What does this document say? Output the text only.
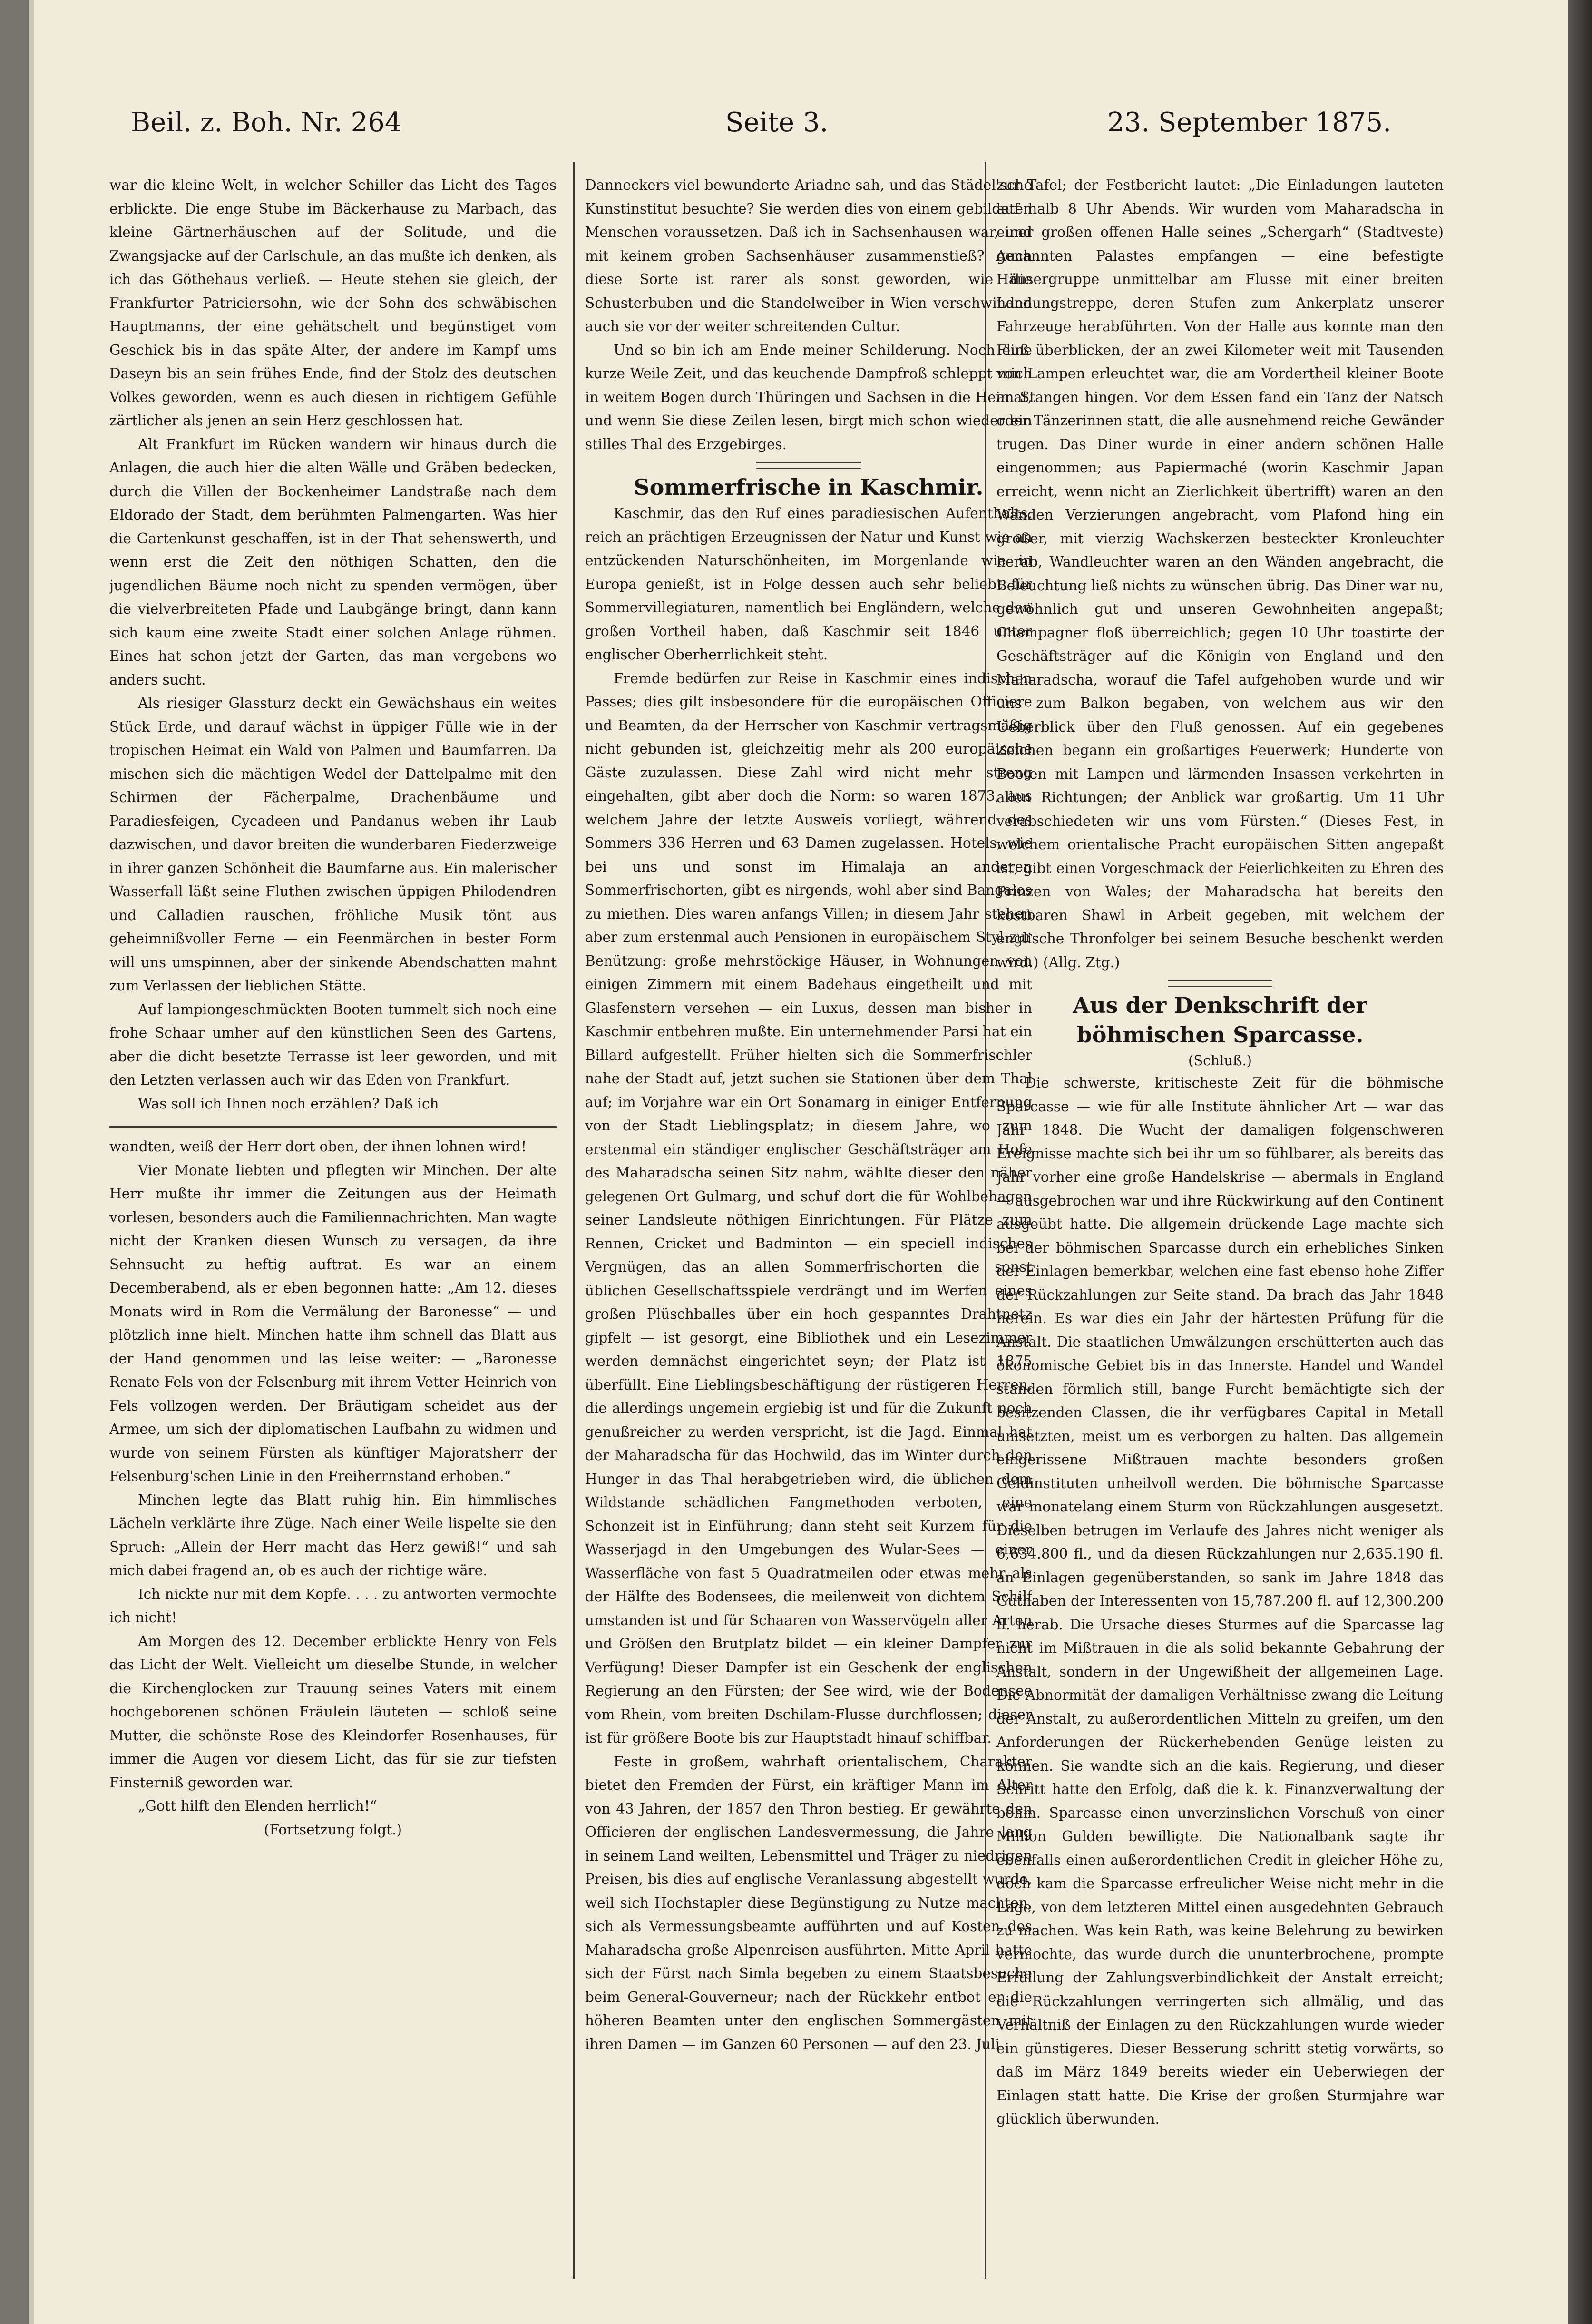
Beil. z. Boh. Nr. 264	Seite 3.	23. September 1875.

war die kleine Welt, in welcher Schiller das Licht des Tages erblickte. Die enge Stube im Bäckerhause zu Marbach, das kleine Gärtnerhäuschen auf der Solitude, und die Zwangsjacke auf der Carlschule, an das mußte ich denken, als ich das Göthehaus verließ. — Heute stehen sie gleich, der Frankfurter Patriciersohn, wie der Sohn des schwäbischen Hauptmanns, der eine gehätschelt und begünstiget vom Geschick bis in das späte Alter, der andere im Kampf ums Daseyn bis an sein frühes Ende, find der Stolz des deutschen Volkes geworden, wenn es auch diesen in richtigem Gefühle zärtlicher als jenen an sein Herz geschlossen hat.

Alt Frankfurt im Rücken wandern wir hinaus durch die Anlagen, die auch hier die alten Wälle und Gräben bedecken, durch die Villen der Bockenheimer Landstraße nach dem Eldorado der Stadt, dem berühmten Palmengarten. Was hier die Gartenkunst geschaffen, ist in der That sehenswerth, und wenn erst die Zeit den nöthigen Schatten, den die jugendlichen Bäume noch nicht zu spenden vermögen, über die vielverbreiteten Pfade und Laubgänge bringt, dann kann sich kaum eine zweite Stadt einer solchen Anlage rühmen. Eines hat schon jetzt der Garten, das man vergebens wo anders sucht.

Als riesiger Glassturz deckt ein Gewächshaus ein weites Stück Erde, und darauf wächst in üppiger Fülle wie in der tropischen Heimat ein Wald von Palmen und Baumfarren. Da mischen sich die mächtigen Wedel der Dattelpalme mit den Schirmen der Fächerpalme, Drachenbäume und Paradiesfeigen, Cycadeen und Pandanus weben ihr Laub dazwischen, und davor breiten die wunderbaren Fiederzweige in ihrer ganzen Schönheit die Baumfarne aus. Ein malerischer Wasserfall läßt seine Fluthen zwischen üppigen Philodendren und Calladien rauschen, fröhliche Musik tönt aus geheimnißvoller Ferne — ein Feenmärchen in bester Form will uns umspinnen, aber der sinkende Abendschatten mahnt zum Verlassen der lieblichen Stätte.

Auf lampiongeschmückten Booten tummelt sich noch eine frohe Schaar umher auf den künstlichen Seen des Gartens, aber die dicht besetzte Terrasse ist leer geworden, und mit den Letzten verlassen auch wir das Eden von Frankfurt.

Was soll ich Ihnen noch erzählen? Daß ich

wandten, weiß der Herr dort oben, der ihnen lohnen wird!

Vier Monate liebten und pflegten wir Minchen. Der alte Herr mußte ihr immer die Zeitungen aus der Heimath vorlesen, besonders auch die Familiennachrichten. Man wagte nicht der Kranken diesen Wunsch zu versagen, da ihre Sehnsucht zu heftig auftrat. Es war an einem Decemberabend, als er eben begonnen hatte: „Am 12. dieses Monats wird in Rom die Vermälung der Baronesse“ — und plötzlich inne hielt. Minchen hatte ihm schnell das Blatt aus der Hand genommen und las leise weiter: — „Baronesse Renate Fels von der Felsenburg mit ihrem Vetter Heinrich von Fels vollzogen werden. Der Bräutigam scheidet aus der Armee, um sich der diplomatischen Laufbahn zu widmen und wurde von seinem Fürsten als künftiger Majoratsherr der Felsenburg'schen Linie in den Freiherrnstand erhoben.“

Minchen legte das Blatt ruhig hin. Ein himmlisches Lächeln verklärte ihre Züge. Nach einer Weile lispelte sie den Spruch: „Allein der Herr macht das Herz gewiß!“ und sah mich dabei fragend an, ob es auch der richtige wäre.

Ich nickte nur mit dem Kopfe. . . . zu antworten vermochte ich nicht!

Am Morgen des 12. December erblickte Henry von Fels das Licht der Welt. Vielleicht um dieselbe Stunde, in welcher die Kirchenglocken zur Trauung seines Vaters mit einem hochgeborenen schönen Fräulein läuteten — schloß seine Mutter, die schönste Rose des Kleindorfer Rosenhauses, für immer die Augen vor diesem Licht, das für sie zur tiefsten Finsterniß geworden war.

„Gott hilft den Elenden herrlich!“

(Fortsetzung folgt.)

Danneckers viel bewunderte Ariadne sah, und das Städel'sche Kunstinstitut besuchte? Sie werden dies von einem gebildeten Menschen voraussetzen. Daß ich in Sachsenhausen war, und mit keinem groben Sachsenhäuser zusammenstieß? Auch diese Sorte ist rarer als sonst geworden, wie die Schusterbuben und die Standelweiber in Wien verschwinden auch sie vor der weiter schreitenden Cultur.

Und so bin ich am Ende meiner Schilderung. Noch eine kurze Weile Zeit, und das keuchende Dampfroß schleppt mich in weitem Bogen durch Thüringen und Sachsen in die Heimat, und wenn Sie diese Zeilen lesen, birgt mich schon wieder ein stilles Thal des Erzgebirges.

Sommerfrische in Kaschmir.

Kaschmir, das den Ruf eines paradiesischen Aufenthalts, reich an prächtigen Erzeugnissen der Natur und Kunst wie an entzückenden Naturschönheiten, im Morgenlande wie in Europa genießt, ist in Folge dessen auch sehr beliebt für Sommervillegiaturen, namentlich bei Engländern, welche den großen Vortheil haben, daß Kaschmir seit 1846 unter englischer Oberherrlichkeit steht.

Fremde bedürfen zur Reise in Kaschmir eines indischen Passes; dies gilt insbesondere für die europäischen Officiere und Beamten, da der Herrscher von Kaschmir vertragsmäßig nicht gebunden ist, gleichzeitig mehr als 200 europäische Gäste zuzulassen. Diese Zahl wird nicht mehr streng eingehalten, gibt aber doch die Norm: so waren 1873, aus welchem Jahre der letzte Ausweis vorliegt, während des Sommers 336 Herren und 63 Damen zugelassen. Hotels, wie bei uns und sonst im Himalaja an anderen Sommerfrischorten, gibt es nirgends, wohl aber sind Bangalos zu miethen. Dies waren anfangs Villen; in diesem Jahr stehen aber zum erstenmal auch Pensionen in europäischem Styl zur Benützung: große mehrstöckige Häuser, in Wohnungen von einigen Zimmern mit einem Badehaus eingetheilt und mit Glasfenstern versehen — ein Luxus, dessen man bisher in Kaschmir entbehren mußte. Ein unternehmender Parsi hat ein Billard aufgestellt. Früher hielten sich die Sommerfrischler nahe der Stadt auf, jetzt suchen sie Stationen über dem Thal auf; im Vorjahre war ein Ort Sonamarg in einiger Entfernung von der Stadt Lieblingsplatz; in diesem Jahre, wo zum erstenmal ein ständiger englischer Geschäftsträger am Hofe des Maharadscha seinen Sitz nahm, wählte dieser den näher gelegenen Ort Gulmarg, und schuf dort die für Wohlbehagen seiner Landsleute nöthigen Einrichtungen. Für Plätze zum Rennen, Cricket und Badminton — ein speciell indisches Vergnügen, das an allen Sommerfrischorten die sonst üblichen Gesellschaftsspiele verdrängt und im Werfen eines großen Plüschballes über ein hoch gespanntes Drahtnetz gipfelt — ist gesorgt, eine Bibliothek und ein Lesezimmer werden demnächst eingerichtet seyn; der Platz ist 1875 überfüllt. Eine Lieblingsbeschäftigung der rüstigeren Herren, die allerdings ungemein ergiebig ist und für die Zukunft noch genußreicher zu werden verspricht, ist die Jagd. Einmal hat der Maharadscha für das Hochwild, das im Winter durch den Hunger in das Thal herabgetrieben wird, die üblichen dem Wildstande schädlichen Fangmethoden verboten, eine Schonzeit ist in Einführung; dann steht seit Kurzem für die Wasserjagd in den Umgebungen des Wular-Sees — einer Wasserfläche von fast 5 Quadratmeilen oder etwas mehr als der Hälfte des Bodensees, die meilenweit von dichtem Schilf umstanden ist und für Schaaren von Wasservögeln aller Arten und Größen den Brutplatz bildet — ein kleiner Dampfer zur Verfügung! Dieser Dampfer ist ein Geschenk der englischen Regierung an den Fürsten; der See wird, wie der Bodensee vom Rhein, vom breiten Dschilam-Flusse durchflossen; dieser ist für größere Boote bis zur Hauptstadt hinauf schiffbar.

Feste in großem, wahrhaft orientalischem, Charakter bietet den Fremden der Fürst, ein kräftiger Mann im Alter von 43 Jahren, der 1857 den Thron bestieg. Er gewährte den Officieren der englischen Landesvermessung, die Jahre lang in seinem Land weilten, Lebensmittel und Träger zu niedrigen Preisen, bis dies auf englische Veranlassung abgestellt wurde, weil sich Hochstapler diese Begünstigung zu Nutze machten, sich als Vermessungsbeamte aufführten und auf Kosten des Maharadscha große Alpenreisen ausführten. Mitte April hatte sich der Fürst nach Simla begeben zu einem Staatsbesuche beim General-Gouverneur; nach der Rückkehr entbot er die höheren Beamten unter den englischen Sommergästen mit ihren Damen — im Ganzen 60 Personen — auf den 23. Juli

zur Tafel; der Festbericht lautet: „Die Einladungen lauteten auf halb 8 Uhr Abends. Wir wurden vom Maharadscha in einer großen offenen Halle seines „Schergarh“ (Stadtveste) genannten Palastes empfangen — eine befestigte Häusergruppe unmittelbar am Flusse mit einer breiten Landungstreppe, deren Stufen zum Ankerplatz unserer Fahrzeuge herabführten. Von der Halle aus konnte man den Fluß überblicken, der an zwei Kilometer weit mit Tausenden von Lampen erleuchtet war, die am Vordertheil kleiner Boote an Stangen hingen. Vor dem Essen fand ein Tanz der Natsch oder Tänzerinnen statt, die alle ausnehmend reiche Gewänder trugen. Das Diner wurde in einer andern schönen Halle eingenommen; aus Papiermaché (worin Kaschmir Japan erreicht, wenn nicht an Zierlichkeit übertrifft) waren an den Wänden Verzierungen angebracht, vom Plafond hing ein großer, mit vierzig Wachskerzen besteckter Kronleuchter herab, Wandleuchter waren an den Wänden angebracht, die Beleuchtung ließ nichts zu wünschen übrig. Das Diner war nu, gewöhnlich gut und unseren Gewohnheiten angepaßt; Champagner floß überreichlich; gegen 10 Uhr toastirte der Geschäftsträger auf die Königin von England und den Maharadscha, worauf die Tafel aufgehoben wurde und wir uns zum Balkon begaben, von welchem aus wir den Ueberblick über den Fluß genossen. Auf ein gegebenes Zeichen begann ein großartiges Feuerwerk; Hunderte von Booten mit Lampen und lärmenden Insassen verkehrten in allen Richtungen; der Anblick war großartig. Um 11 Uhr verabschiedeten wir uns vom Fürsten.“ (Dieses Fest, in welchem orientalische Pracht europäischen Sitten angepaßt ist, gibt einen Vorgeschmack der Feierlichkeiten zu Ehren des Prinzen von Wales; der Maharadscha hat bereits den kostbaren Shawl in Arbeit gegeben, mit welchem der englische Thronfolger bei seinem Besuche beschenkt werden wird.) (Allg. Ztg.)

Aus der Denkschrift der böhmischen Sparcasse.

(Schluß.)

Die schwerste, kritischeste Zeit für die böhmische Sparcasse — wie für alle Institute ähnlicher Art — war das Jahr 1848. Die Wucht der damaligen folgenschweren Ereignisse machte sich bei ihr um so fühlbarer, als bereits das Jahr vorher eine große Handelskrise — abermals in England — ausgebrochen war und ihre Rückwirkung auf den Continent ausgeübt hatte. Die allgemein drückende Lage machte sich bei der böhmischen Sparcasse durch ein erhebliches Sinken der Einlagen bemerkbar, welchen eine fast ebenso hohe Ziffer der Rückzahlungen zur Seite stand. Da brach das Jahr 1848 herein. Es war dies ein Jahr der härtesten Prüfung für die Anstalt. Die staatlichen Umwälzungen erschütterten auch das ökonomische Gebiet bis in das Innerste. Handel und Wandel standen förmlich still, bange Furcht bemächtigte sich der besitzenden Classen, die ihr verfügbares Capital in Metall umsetzten, meist um es verborgen zu halten. Das allgemein eingerissene Mißtrauen machte besonders großen Geldinstituten unheilvoll werden. Die böhmische Sparcasse war monatelang einem Sturm von Rückzahlungen ausgesetzt. Dieselben betrugen im Verlaufe des Jahres nicht weniger als 6,634.800 fl., und da diesen Rückzahlungen nur 2,635.190 fl. an Einlagen gegenüberstanden, so sank im Jahre 1848 das Guthaben der Interessenten von 15,787.200 fl. auf 12,300.200 fl. herab. Die Ursache dieses Sturmes auf die Sparcasse lag nicht im Mißtrauen in die als solid bekannte Gebahrung der Anstalt, sondern in der Ungewißheit der allgemeinen Lage. Die Abnormität der damaligen Verhältnisse zwang die Leitung der Anstalt, zu außerordentlichen Mitteln zu greifen, um den Anforderungen der Rückerhebenden Genüge leisten zu können. Sie wandte sich an die kais. Regierung, und dieser Schritt hatte den Erfolg, daß die k. k. Finanzverwaltung der böhm. Sparcasse einen unverzinslichen Vorschuß von einer Million Gulden bewilligte. Die Nationalbank sagte ihr ebenfalls einen außerordentlichen Credit in gleicher Höhe zu, doch kam die Sparcasse erfreulicher Weise nicht mehr in die Lage, von dem letzteren Mittel einen ausgedehnten Gebrauch zu machen. Was kein Rath, was keine Belehrung zu bewirken vermochte, das wurde durch die ununterbrochene, prompte Erfüllung der Zahlungsverbindlichkeit der Anstalt erreicht; die Rückzahlungen verringerten sich allmälig, und das Verhältniß der Einlagen zu den Rückzahlungen wurde wieder ein günstigeres. Dieser Besserung schritt stetig vorwärts, so daß im März 1849 bereits wieder ein Ueberwiegen der Einlagen statt hatte. Die Krise der großen Sturmjahre war glücklich überwunden.
